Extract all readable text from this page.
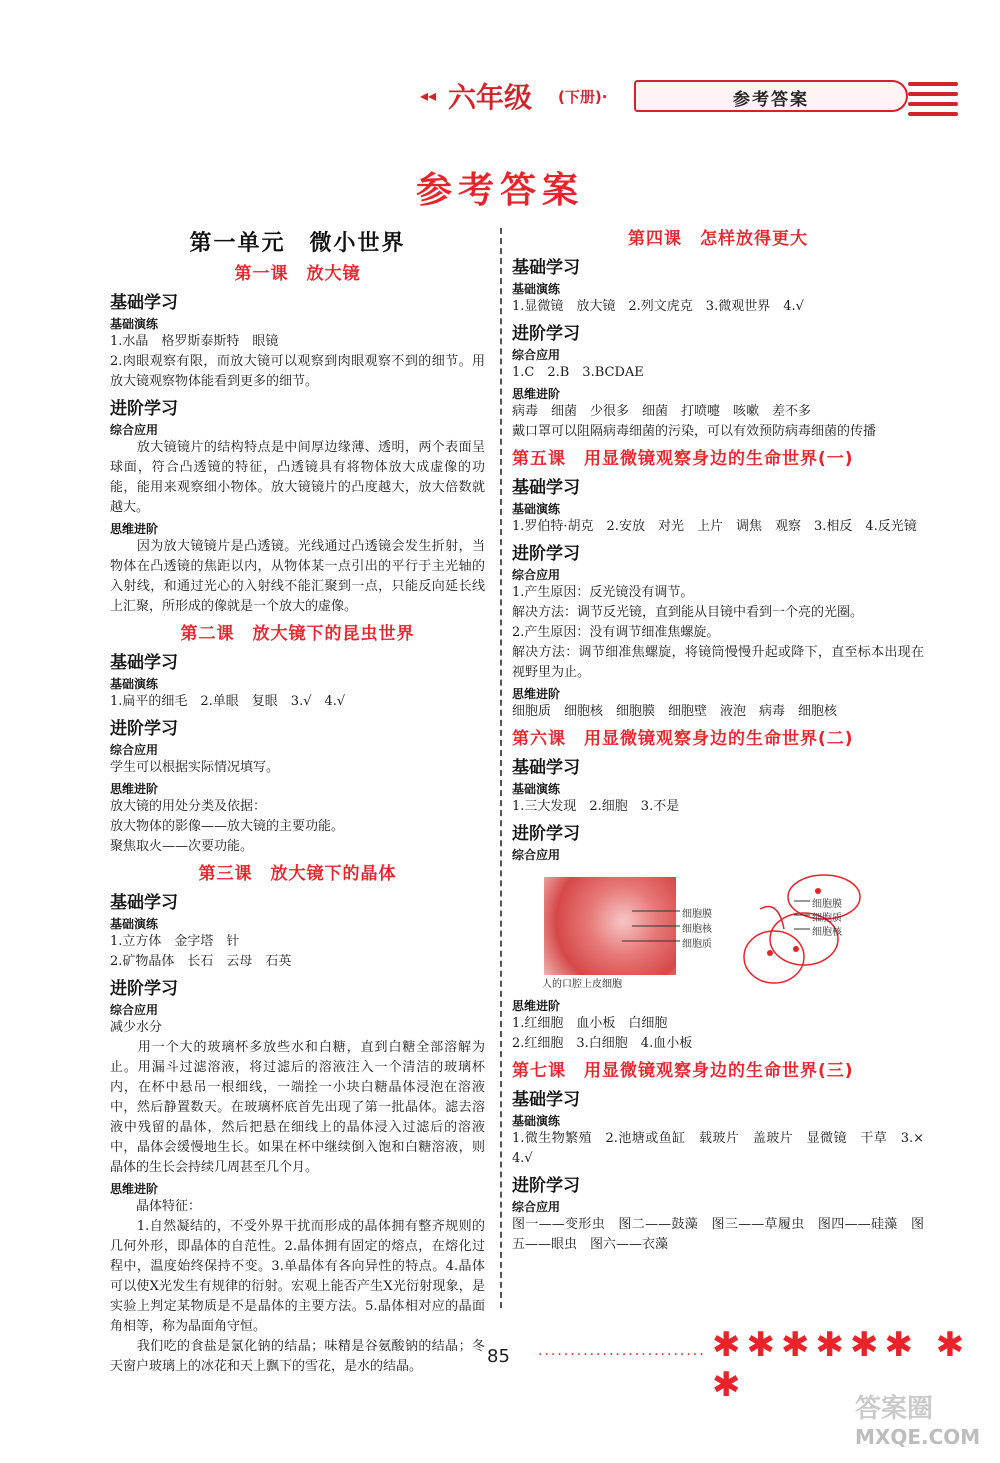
◂◂ 六年级 (下册)·	参考答案
参考答案
第一单元　微小世界
第一课　放大镜
基础学习
基础演练

1.水晶　格罗斯泰斯特　眼镜

2.肉眼观察有限，而放大镜可以观察到肉眼观察不到的细节。用放大镜观察物体能看到更多的细节。

进阶学习
综合应用

　　放大镜镜片的结构特点是中间厚边缘薄、透明，两个表面呈球面，符合凸透镜的特征，凸透镜具有将物体放大成虚像的功能，能用来观察细小物体。放大镜镜片的凸度越大，放大倍数就越大。

思维进阶

　　因为放大镜镜片是凸透镜。光线通过凸透镜会发生折射，当物体在凸透镜的焦距以内，从物体某一点引出的平行于主光轴的入射线，和通过光心的入射线不能汇聚到一点，只能反向延长线上汇聚，所形成的像就是一个放大的虚像。

第二课　放大镜下的昆虫世界
基础学习
基础演练

1.扁平的细毛　2.单眼　复眼　3.√　4.√

进阶学习
综合应用

学生可以根据实际情况填写。

思维进阶

放大镜的用处分类及依据：

放大物体的影像——放大镜的主要功能。

聚焦取火——次要功能。

第三课　放大镜下的晶体
基础学习
基础演练

1.立方体　金字塔　针

2.矿物晶体　长石　云母　石英

进阶学习
综合应用

减少水分

　　用一个大的玻璃杯多放些水和白糖，直到白糖全部溶解为止。用漏斗过滤溶液，将过滤后的溶液注入一个清洁的玻璃杯内，在杯中悬吊一根细线，一端拴一小块白糖晶体浸泡在溶液中，然后静置数天。在玻璃杯底首先出现了第一批晶体。滤去溶液中残留的晶体，然后把悬在细线上的晶体浸入过滤后的溶液中，晶体会缓慢地生长。如果在杯中继续倒入饱和白糖溶液，则晶体的生长会持续几周甚至几个月。

思维进阶

　　晶体特征：

　　1.自然凝结的，不受外界干扰而形成的晶体拥有整齐规则的几何外形，即晶体的自范性。2.晶体拥有固定的熔点，在熔化过程中，温度始终保持不变。3.单晶体有各向异性的特点。4.晶体可以使X光发生有规律的衍射。宏观上能否产生X光衍射现象，是实验上判定某物质是不是晶体的主要方法。5.晶体相对应的晶面角相等，称为晶面角守恒。

　　我们吃的食盐是氯化钠的结晶；味精是谷氨酸钠的结晶；冬天窗户玻璃上的冰花和天上飘下的雪花，是水的结晶。

第四课　怎样放得更大
基础学习
基础演练

1.显微镜　放大镜　2.列文虎克　3.微观世界　4.√

进阶学习
综合应用

1.C　2.B　3.BCDAE

思维进阶

病毒　细菌　少很多　细菌　打喷嚏　咳嗽　差不多

戴口罩可以阻隔病毒细菌的污染，可以有效预防病毒细菌的传播

第五课　用显微镜观察身边的生命世界(一)
基础学习
基础演练

1.罗伯特·胡克　2.安放　对光　上片　调焦　观察　3.相反　4.反光镜

进阶学习
综合应用

1.产生原因：反光镜没有调节。

解决方法：调节反光镜，直到能从目镜中看到一个亮的光圈。

2.产生原因：没有调节细准焦螺旋。

解决方法：调节细准焦螺旋，将镜筒慢慢升起或降下，直至标本出现在视野里为止。

思维进阶

细胞质　细胞核　细胞膜　细胞壁　液泡　病毒　细胞核

第六课　用显微镜观察身边的生命世界(二)
基础学习
基础演练

1.三大发现　2.细胞　3.不是

进阶学习
综合应用
人的口腔上皮细胞
细胞膜
细胞核
细胞质
细胞膜
细胞质
细胞核
思维进阶

1.红细胞　血小板　白细胞

2.红细胞　3.白细胞　4.血小板

第七课　用显微镜观察身边的生命世界(三)
基础学习
基础演练

1.微生物繁殖　2.池塘或鱼缸　载玻片　盖玻片　显微镜　干草　3.×　4.√

进阶学习
综合应用

图一——变形虫　图二——鼓藻　图三——草履虫　图四——硅藻　图五——眼虫　图六——衣藻

85 ·························· ✱✱✱✱✱✱ ✱ ✱
答案圈
MXQE.COM
